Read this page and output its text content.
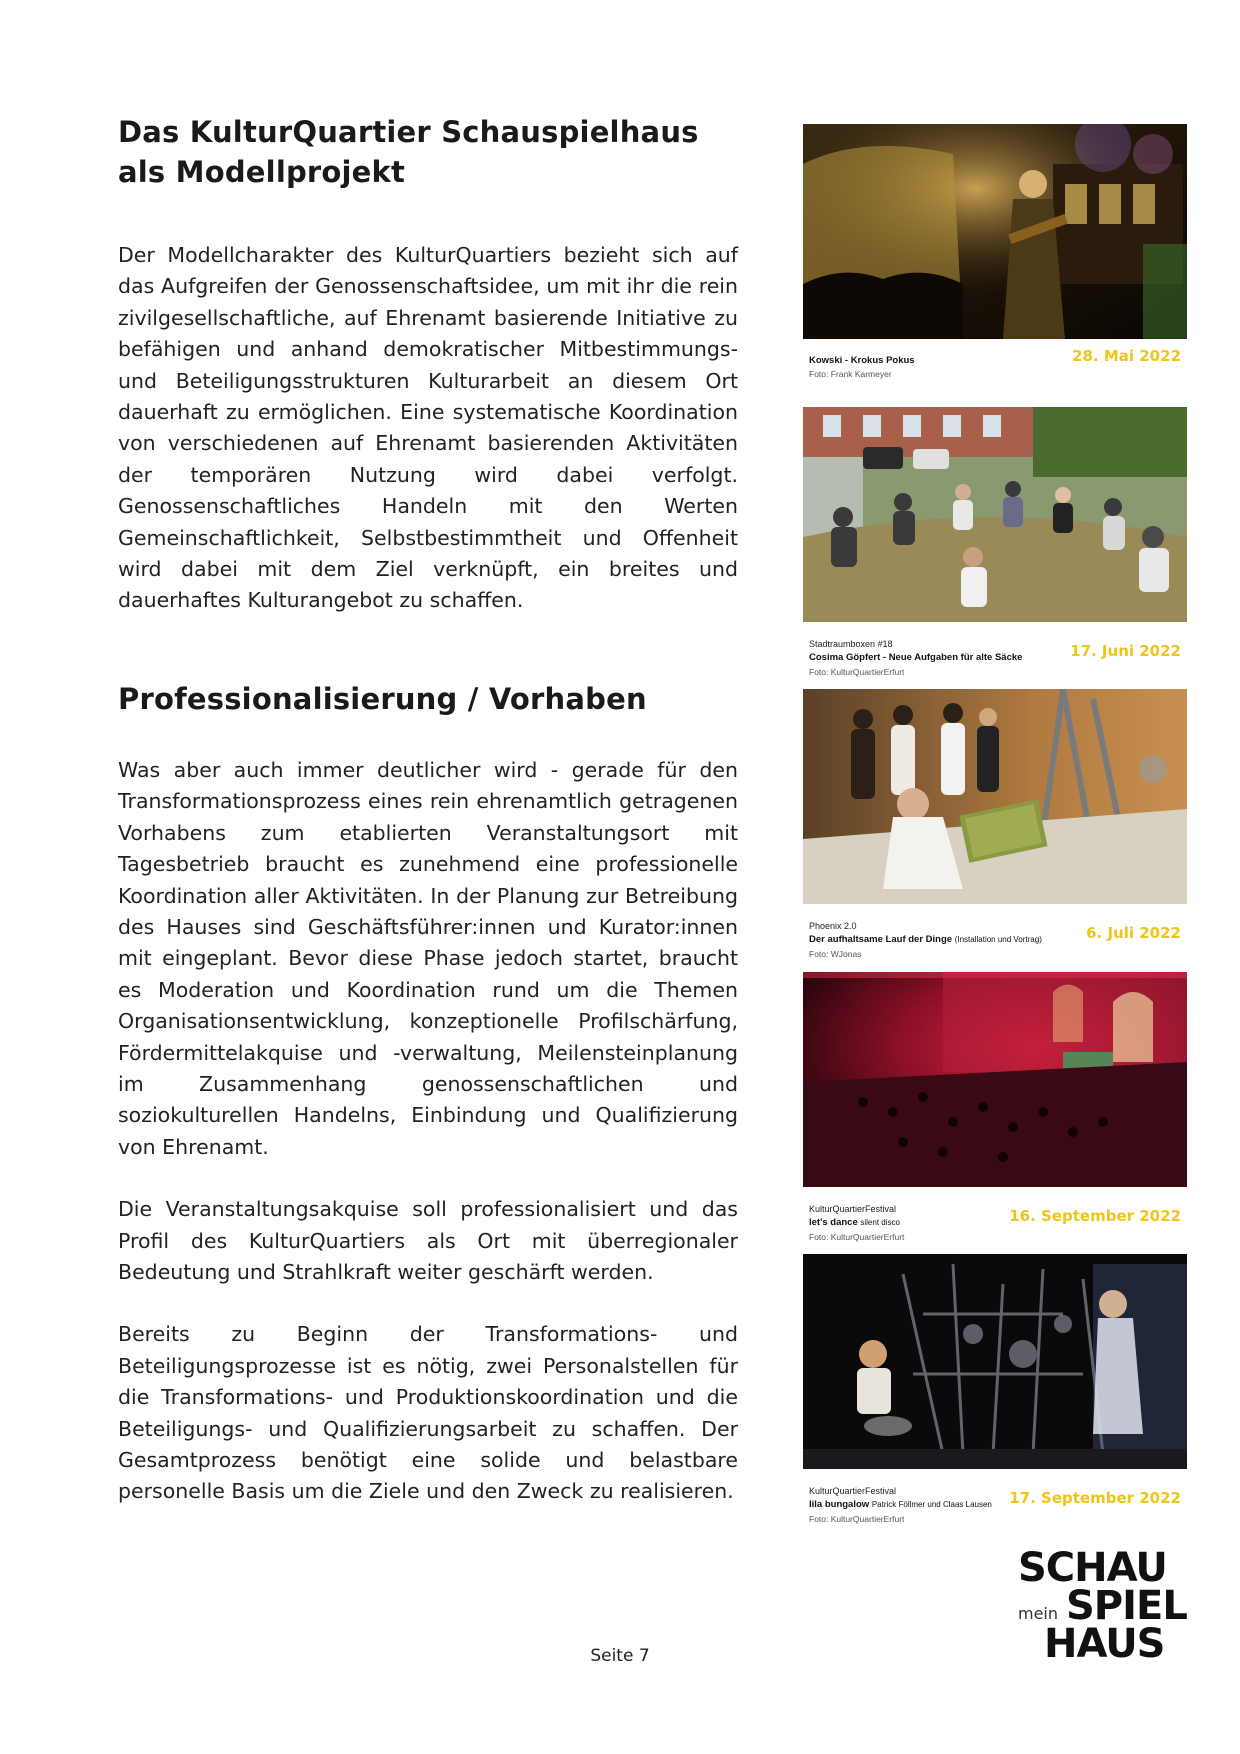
Das KulturQuartier Schauspielhaus
als Modellprojekt

Der Modellcharakter des KulturQuartiers bezieht sich auf das Aufgreifen der Genossenschaftsidee, um mit ihr die rein zivilgesellschaftliche, auf Ehrenamt basierende Initiative zu befähigen und anhand demokratischer Mitbestimmungs- und Beteiligungsstrukturen Kulturarbeit an diesem Ort dauerhaft zu ermöglichen. Eine systematische Koordination von verschiedenen auf Ehrenamt basierenden Aktivitäten der temporären Nutzung wird dabei verfolgt. Genossenschaftliches Handeln mit den Werten Gemeinschaftlichkeit, Selbstbestimmtheit und Offenheit wird dabei mit dem Ziel verknüpft, ein breites und dauerhaftes Kulturangebot zu schaffen.

Professionalisierung / Vorhaben

Was aber auch immer deutlicher wird - gerade für den Transformationsprozess eines rein ehrenamtlich getragenen Vorhabens zum etablierten Veranstaltungsort mit Tagesbetrieb braucht es zunehmend eine professionelle Koordination aller Aktivitäten. In der Planung zur Betreibung des Hauses sind Geschäftsführer:innen und Kurator:innen mit eingeplant. Bevor diese Phase jedoch startet, braucht es Moderation und Koordination rund um die Themen Organisationsentwicklung, konzeptionelle Profilschärfung, Fördermittelakquise und -verwaltung, Meilensteinplanung im Zusammenhang genossenschaftlichen und soziokulturellen Handelns, Einbindung und Qualifizierung von Ehrenamt.

Die Veranstaltungsakquise soll professionalisiert und das Profil des KulturQuartiers als Ort mit überregionaler Bedeutung und Strahlkraft weiter geschärft werden.

Bereits zu Beginn der Transformations- und Beteiligungsprozesse ist es nötig, zwei Personalstellen für die Transformations- und Produktionskoordination und die Beteiligungs- und Qualifizierungsarbeit zu schaffen. Der Gesamtprozess benötigt eine solide und belastbare personelle Basis um die Ziele und den Zweck zu realisieren.

Kowski - Krokus Pokus
Foto: Frank Karmeyer
28. Mai 2022
Stadtraumboxen #18
Cosima Göpfert - Neue Aufgaben für alte Säcke
Foto: KulturQuartierErfurt
17. Juni 2022
Phoenix 2.0
Der aufhaltsame Lauf der Dinge (Installation und Vortrag)
Foto: WJonas
6. Juli 2022
KulturQuartierFestival
let's dance silent disco
Foto: KulturQuartierErfurt
16. September 2022
KulturQuartierFestival
lila bungalow Patrick Föllmer und Claas Lausen
Foto: KulturQuartierErfurt
17. September 2022
SCHAU
mein SPIEL
HAUS
Seite 7
